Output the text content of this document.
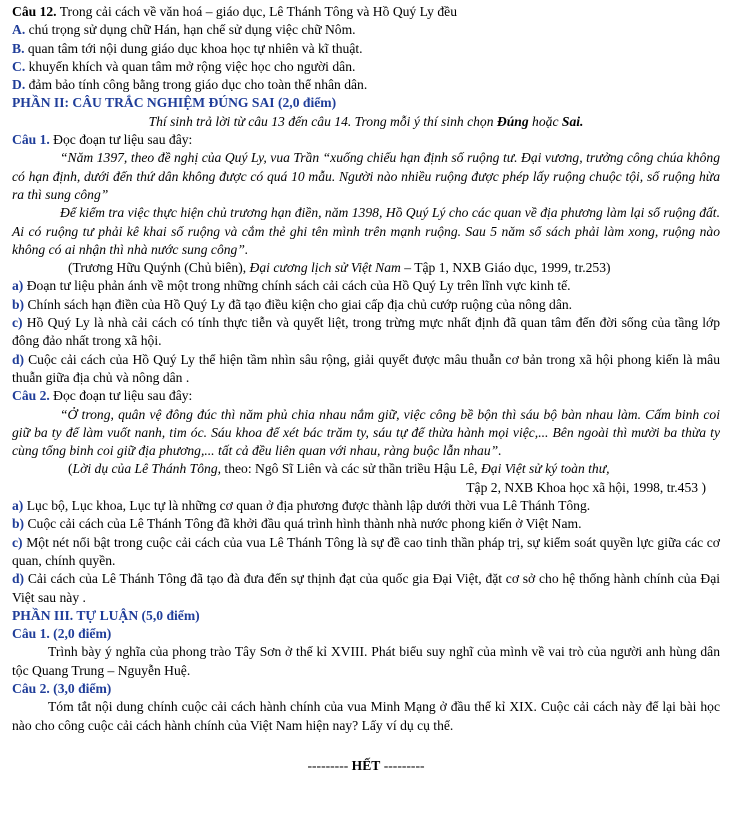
Câu 12. Trong cải cách về văn hoá – giáo dục, Lê Thánh Tông và Hồ Quý Ly đều

A. chú trọng sử dụng chữ Hán, hạn chế sử dụng việc chữ Nôm.

B. quan tâm tới nội dung giáo dục khoa học tự nhiên và kĩ thuật.

C. khuyến khích và quan tâm mở rộng việc học cho người dân.

D. đảm bảo tính công bằng trong giáo dục cho toàn thể nhân dân.

PHẦN II: CÂU TRẮC NGHIỆM ĐÚNG SAI (2,0 điểm)

Thí sinh trả lời từ câu 13 đến câu 14. Trong mỗi ý thí sinh chọn Đúng hoặc Sai.

Câu 1. Đọc đoạn tư liệu sau đây:

“Năm 1397, theo đề nghị của Quý Ly, vua Trần “xuống chiếu hạn định số ruộng tư. Đại vương, trưởng công chúa không có hạn định, dưới đến thứ dân không được có quá 10 mẫu. Người nào nhiều ruộng được phép lấy ruộng chuộc tội, số ruộng hừa ra thì sung công”

Để kiểm tra việc thực hiện chủ trương hạn điền, năm 1398, Hồ Quý Lý cho các quan về địa phương làm lại sổ ruộng đất. Ai có ruộng tư phải kê khai số ruộng và cắm thẻ ghi tên mình trên mạnh ruộng. Sau 5 năm sổ sách phải làm xong, ruộng nào không có ai nhận thì nhà nước sung công”.

(Trương Hữu Quýnh (Chủ biên), Đại cương lịch sử Việt Nam – Tập 1, NXB Giáo dục, 1999, tr.253)

a) Đoạn tư liệu phản ánh về một trong những chính sách cải cách của Hồ Quý Ly trên lĩnh vực kinh tế.

b) Chính sách hạn điền của Hồ Quý Ly đã tạo điều kiện cho giai cấp địa chủ cướp ruộng của nông dân.

c) Hồ Quý Ly là nhà cải cách có tính thực tiễn và quyết liệt, trong trừng mực nhất định đã quan tâm đến đời sống của tầng lớp đông đảo nhất trong xã hội.

d) Cuộc cải cách của Hồ Quý Ly thể hiện tầm nhìn sâu rộng, giải quyết được mâu thuẫn cơ bản trong xã hội phong kiến là mâu thuẫn giữa địa chủ và nông dân .

Câu 2. Đọc đoạn tư liệu sau đây:

“Ở trong, quân vệ đông đúc thì năm phủ chia nhau nắm giữ, việc công bề bộn thì sáu bộ bàn nhau làm. Cấm binh coi giữ ba ty để làm vuốt nanh, tim óc. Sáu khoa để xét bác trăm ty, sáu tự để thừa hành mọi việc,... Bên ngoài thì mười ba thừa ty cùng tổng binh coi giữ địa phương,... tất cả đều liên quan với nhau, ràng buộc lẫn nhau”.

(Lời dụ của Lê Thánh Tông, theo: Ngô Sĩ Liên và các sử thần triều Hậu Lê, Đại Việt sử ký toàn thư,

Tập 2, NXB Khoa học xã hội, 1998, tr.453 )

a) Lục bộ, Lục khoa, Lục tự là những cơ quan ở địa phương được thành lập dưới thời vua Lê Thánh Tông.

b) Cuộc cải cách của Lê Thánh Tông đã khởi đầu quá trình hình thành nhà nước phong kiến ở Việt Nam.

c) Một nét nổi bật trong cuộc cải cách của vua Lê Thánh Tông là sự đề cao tinh thần pháp trị, sự kiểm soát quyền lực giữa các cơ quan, chính quyền.

d) Cải cách của Lê Thánh Tông đã tạo đà đưa đến sự thịnh đạt của quốc gia Đại Việt, đặt cơ sở cho hệ thống hành chính của Đại Việt sau này .

PHẦN III. TỰ LUẬN (5,0 điểm)

Câu 1. (2,0 điểm)

Trình bày ý nghĩa của phong trào Tây Sơn ở thế kỉ XVIII. Phát biểu suy nghĩ của mình về vai trò của người anh hùng dân tộc Quang Trung – Nguyễn Huệ.

Câu 2. (3,0 điểm)

Tóm tắt nội dung chính cuộc cải cách hành chính của vua Minh Mạng ở đầu thế kỉ XIX. Cuộc cải cách này để lại bài học nào cho công cuộc cải cách hành chính của Việt Nam hiện nay? Lấy ví dụ cụ thể.

--------- HẾT ---------
